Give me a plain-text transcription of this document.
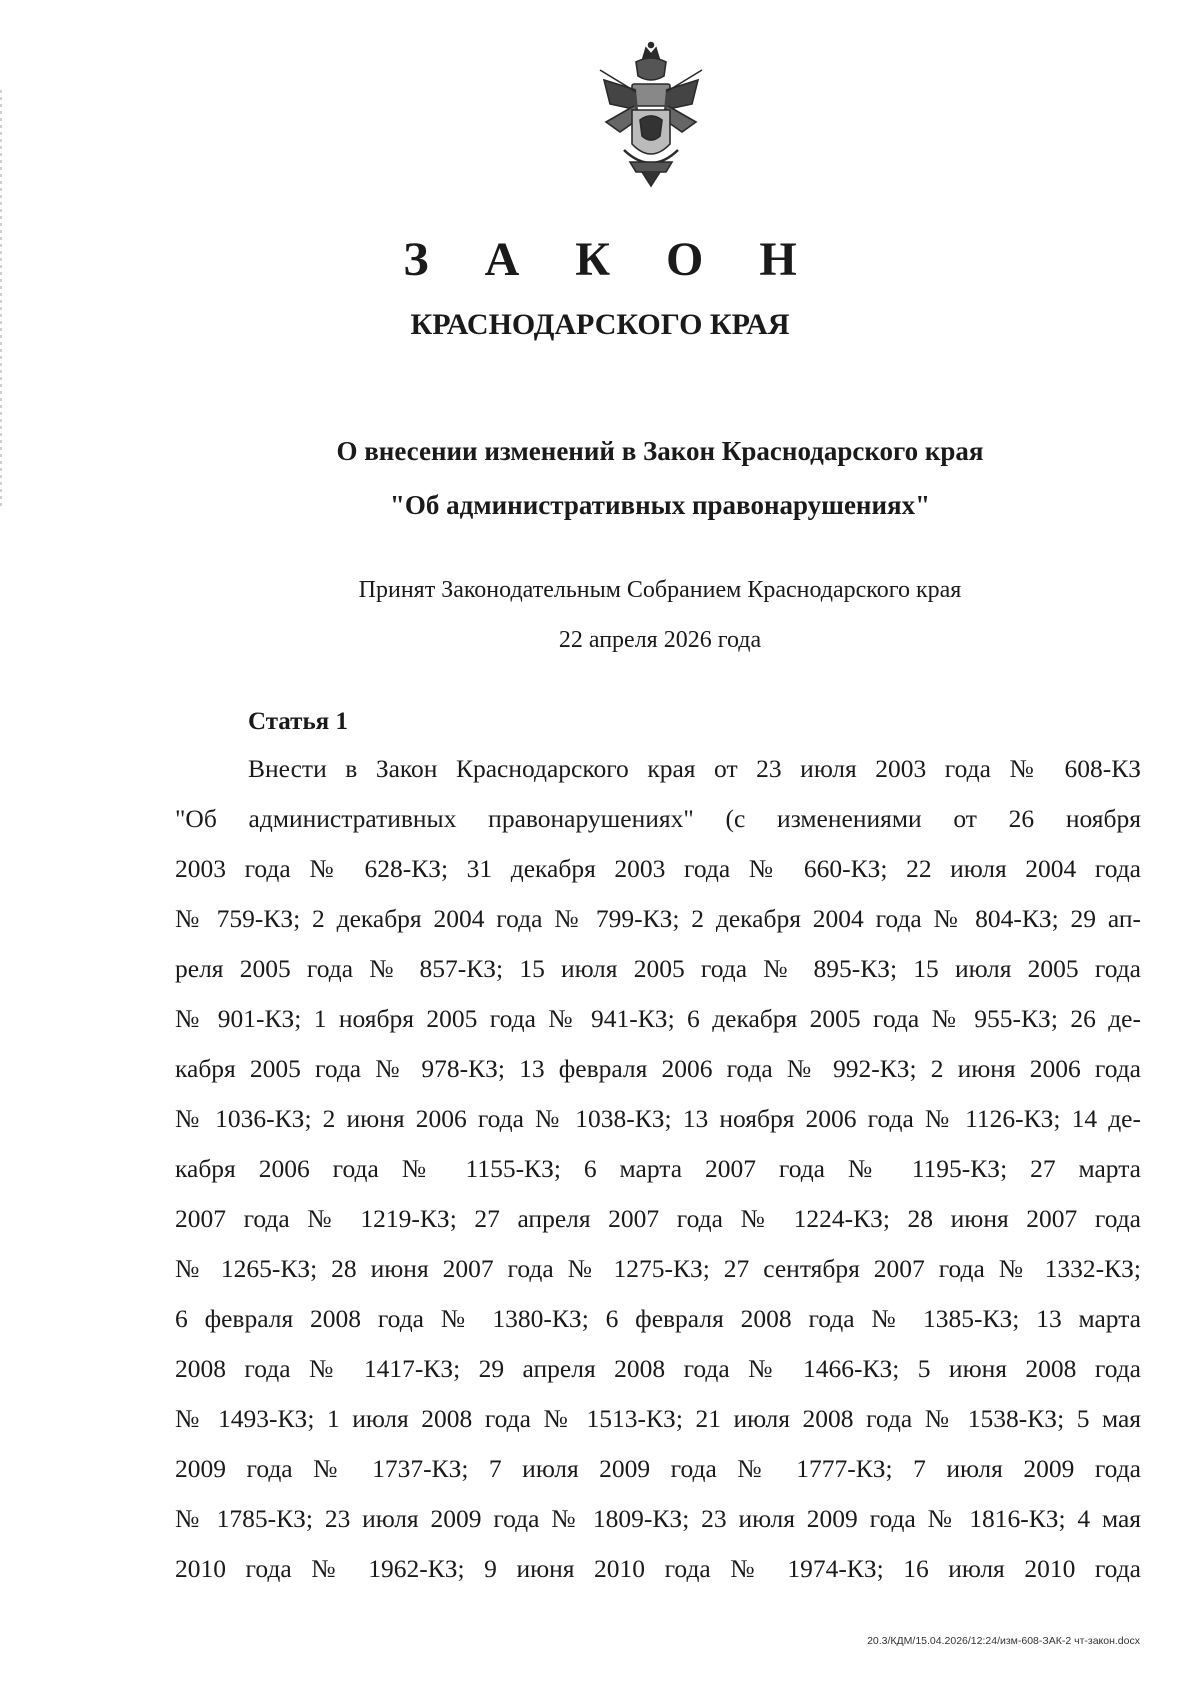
З А К О Н
КРАСНОДАРСКОГО КРАЯ
О внесении изменений в Закон Краснодарского края
"Об административных правонарушениях"
Принят Законодательным Собранием Краснодарского края
22 апреля 2026 года
Статья 1
Внести в Закон Краснодарского края от 23 июля 2003 года № 608-КЗ
"Об административных правонарушениях" (с изменениями от 26 ноября
2003 года № 628-КЗ; 31 декабря 2003 года № 660-КЗ; 22 июля 2004 года
№ 759-КЗ; 2 декабря 2004 года № 799-КЗ; 2 декабря 2004 года № 804-КЗ; 29 ап-
реля 2005 года № 857-КЗ; 15 июля 2005 года № 895-КЗ; 15 июля 2005 года
№ 901-КЗ; 1 ноября 2005 года № 941-КЗ; 6 декабря 2005 года № 955-КЗ; 26 де-
кабря 2005 года № 978-КЗ; 13 февраля 2006 года № 992-КЗ; 2 июня 2006 года
№ 1036-КЗ; 2 июня 2006 года № 1038-КЗ; 13 ноября 2006 года № 1126-КЗ; 14 де-
кабря 2006 года № 1155-КЗ; 6 марта 2007 года № 1195-КЗ; 27 марта
2007 года № 1219-КЗ; 27 апреля 2007 года № 1224-КЗ; 28 июня 2007 года
№ 1265-КЗ; 28 июня 2007 года № 1275-КЗ; 27 сентября 2007 года № 1332-КЗ;
6 февраля 2008 года № 1380-КЗ; 6 февраля 2008 года № 1385-КЗ; 13 марта
2008 года № 1417-КЗ; 29 апреля 2008 года № 1466-КЗ; 5 июня 2008 года
№ 1493-КЗ; 1 июля 2008 года № 1513-КЗ; 21 июля 2008 года № 1538-КЗ; 5 мая
2009 года № 1737-КЗ; 7 июля 2009 года № 1777-КЗ; 7 июля 2009 года
№ 1785-КЗ; 23 июля 2009 года № 1809-КЗ; 23 июля 2009 года № 1816-КЗ; 4 мая
2010 года № 1962-КЗ; 9 июня 2010 года № 1974-КЗ; 16 июля 2010 года
20.3/КДМ/15.04.2026/12:24/изм-608-ЗАК-2 чт-закон.docx
